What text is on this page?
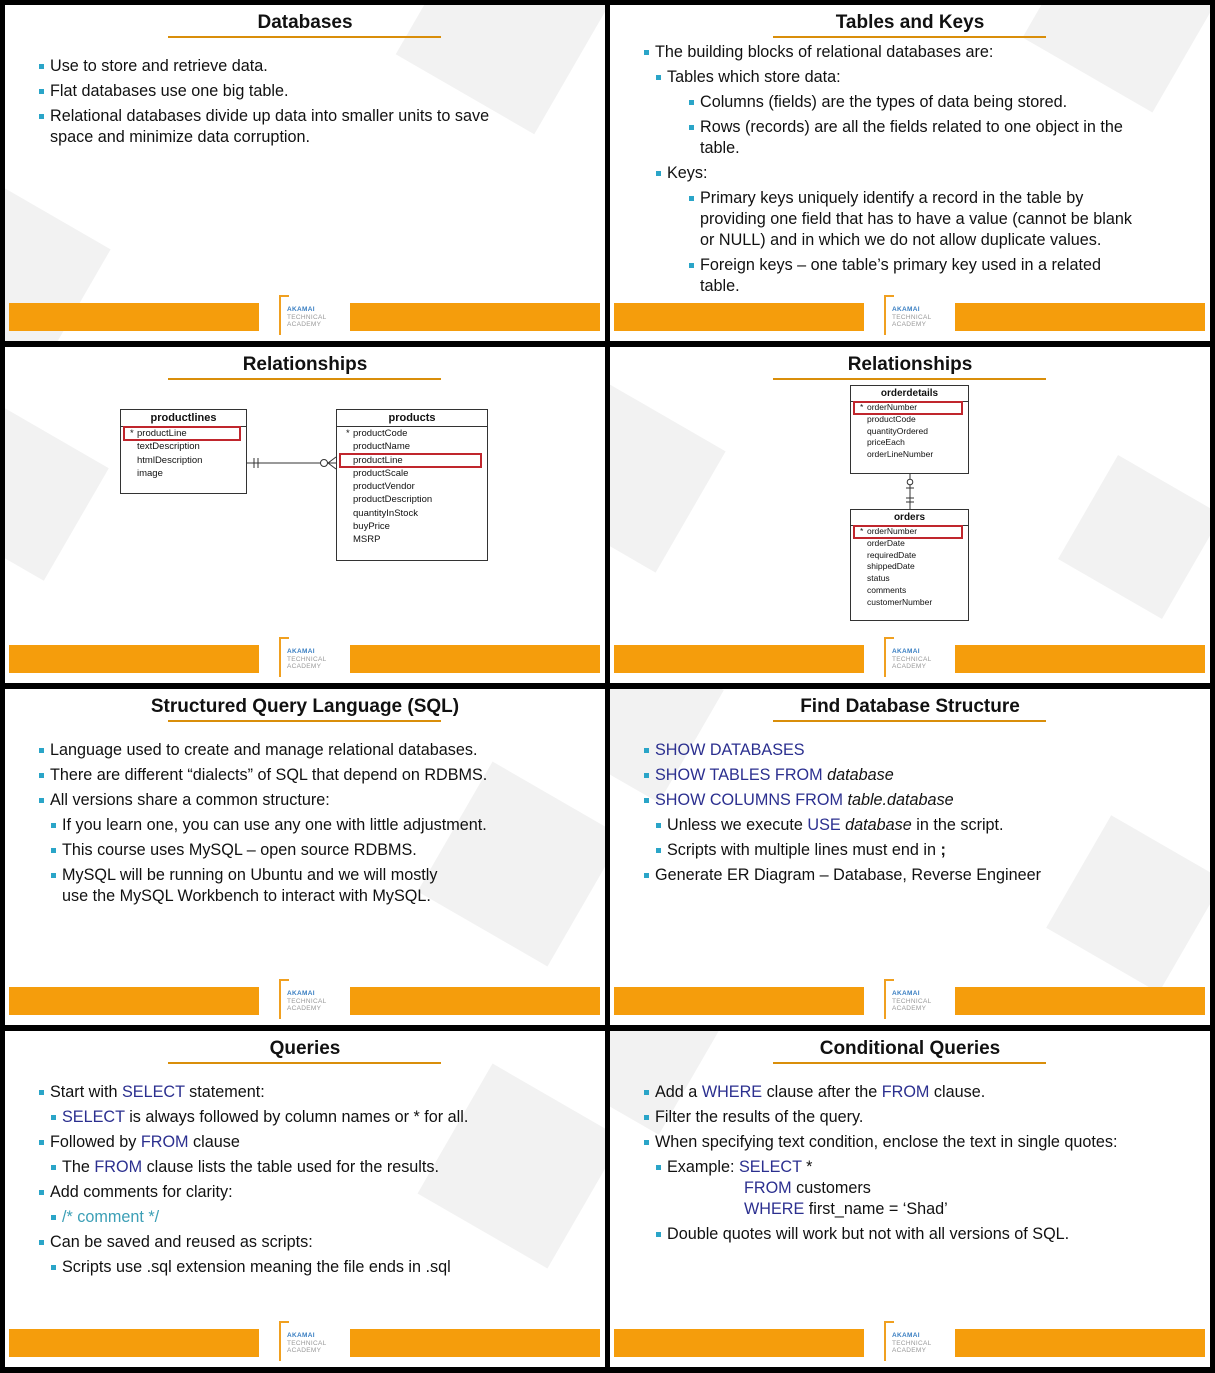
Databases
Use to store and retrieve data.
Flat databases use one big table.
Relational databases divide up data into smaller units to save
space and minimize data corruption.
AKAMAI
TECHNICAL
ACADEMY
Tables and Keys
The building blocks of relational databases are:
Tables which store data:
Columns (fields) are the types of data being stored.
Rows (records) are all the fields related to one object in the
table.
Keys:
Primary keys uniquely identify a record in the table by
providing one field that has to have a value (cannot be blank
or NULL) and in which we do not allow duplicate values.
Foreign keys – one table’s primary key used in a related
table.
AKAMAI
TECHNICAL
ACADEMY
Relationships
productlines
* productLine
textDescription
htmlDescription
image
products
* productCode
productName
productLine
productScale
productVendor
productDescription
quantityInStock
buyPrice
MSRP
AKAMAI
TECHNICAL
ACADEMY
Relationships
orderdetails
* orderNumber
productCode
quantityOrdered
priceEach
orderLineNumber
orders
* orderNumber
orderDate
requiredDate
shippedDate
status
comments
customerNumber
AKAMAI
TECHNICAL
ACADEMY
Structured Query Language (SQL)
Language used to create and manage relational databases.
There are different “dialects” of SQL that depend on RDBMS.
All versions share a common structure:
If you learn one, you can use any one with little adjustment.
This course uses MySQL – open source RDBMS.
MySQL will be running on Ubuntu and we will mostly
use the MySQL Workbench to interact with MySQL.
AKAMAI
TECHNICAL
ACADEMY
Find Database Structure
SHOW DATABASES
SHOW TABLES FROM database
SHOW COLUMNS FROM table.database
Unless we execute USE database in the script.
Scripts with multiple lines must end in ;
Generate ER Diagram – Database, Reverse Engineer
AKAMAI
TECHNICAL
ACADEMY
Queries
Start with SELECT statement:
SELECT is always followed by column names or * for all.
Followed by FROM clause
The FROM clause lists the table used for the results.
Add comments for clarity:
/* comment */
Can be saved and reused as scripts:
Scripts use .sql extension meaning the file ends in .sql
AKAMAI
TECHNICAL
ACADEMY
Conditional Queries
Add a WHERE clause after the FROM clause.
Filter the results of the query.
When specifying text condition, enclose the text in single quotes:
Example: SELECT *
FROM customers
WHERE first_name = ‘Shad’
Double quotes will work but not with all versions of SQL.
AKAMAI
TECHNICAL
ACADEMY
